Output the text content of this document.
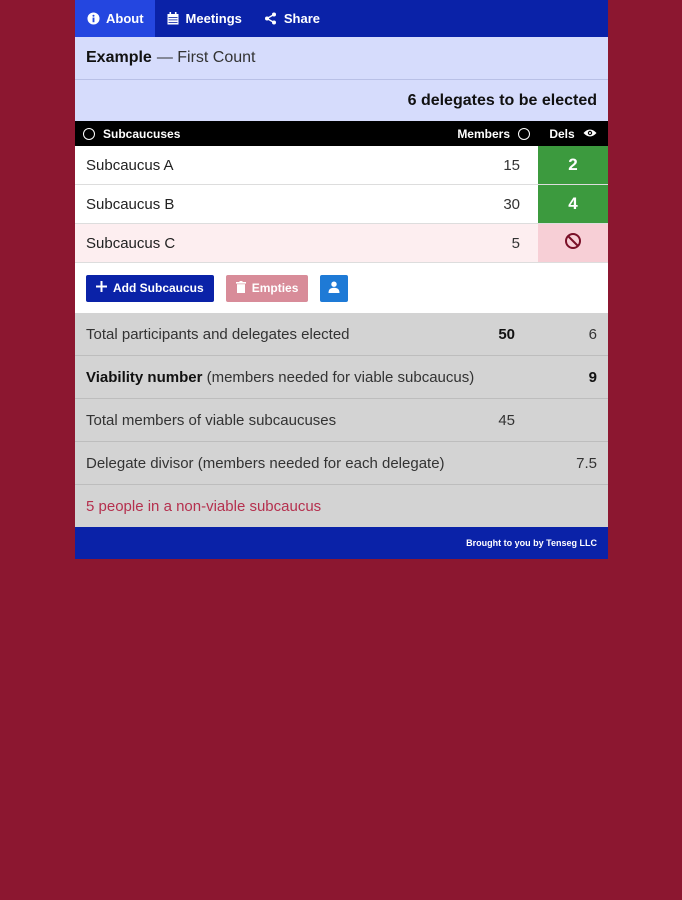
About	Meetings	Share
Example — First Count
6 delegates to be elected
Subcaucuses	Members	Dels
Subcaucus A	15	2
Subcaucus B	30	4
Subcaucus C	5
Add Subcaucus	Empties
Total participants and delegates elected	50	6
Viability number (members needed for viable subcaucus)	9
Total members of viable subcaucuses	45
Delegate divisor (members needed for each delegate)	7.5
5 people in a non-viable subcaucus
Brought to you by Tenseg LLC
